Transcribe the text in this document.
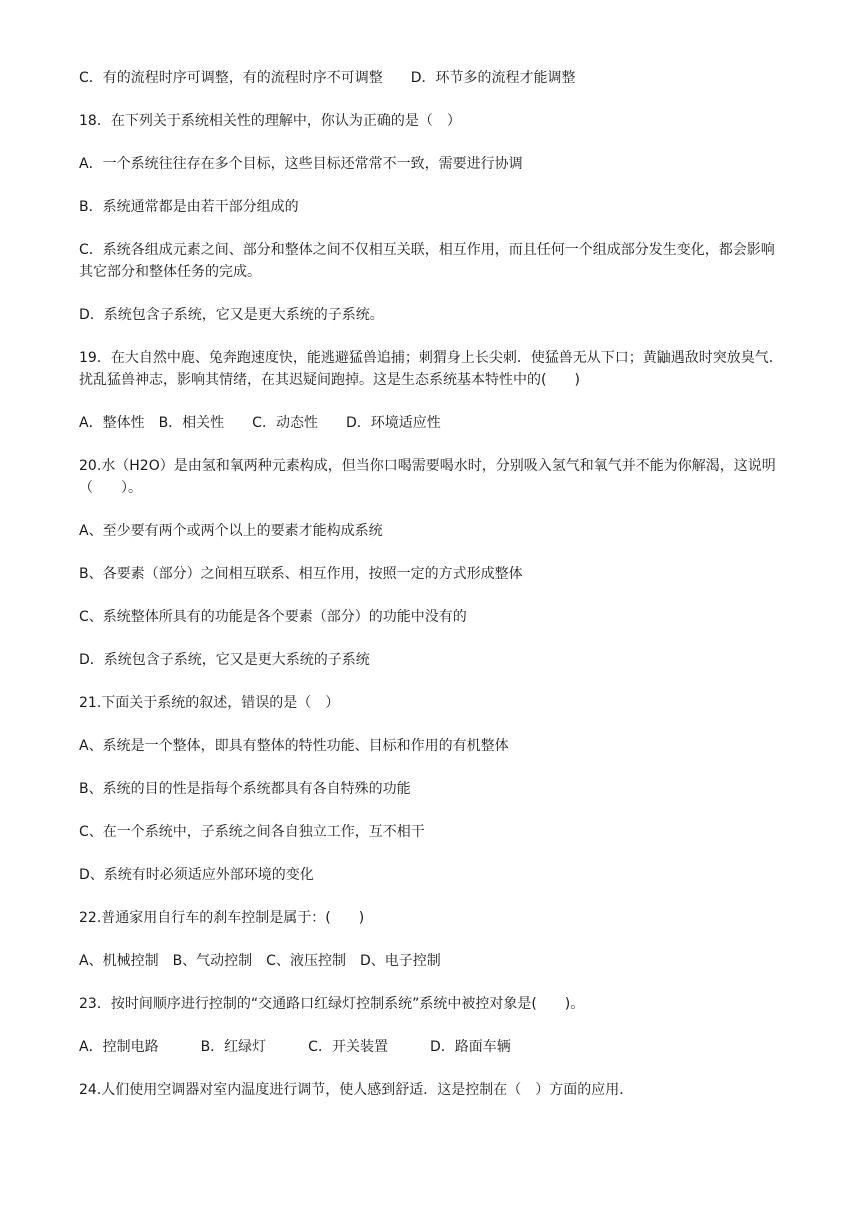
C．有的流程时序可调整，有的流程时序不可调整　　D．环节多的流程才能调整

18．在下列关于系统相关性的理解中，你认为正确的是（　）

A．一个系统往往存在多个目标，这些目标还常常不一致，需要进行协调

B．系统通常都是由若干部分组成的

C．系统各组成元素之间、部分和整体之间不仅相互关联，相互作用，而且任何一个组成部分发生变化，都会影响其它部分和整体任务的完成。

D．系统包含子系统，它又是更大系统的子系统。

19．在大自然中鹿、兔奔跑速度快，能逃避猛兽追捕；刺猬身上长尖刺．使猛兽无从下口；黄鼬遇敌时突放臭气．扰乱猛兽神志，影响其情绪，在其迟疑间跑掉。这是生态系统基本特性中的(　　)

A．整体性　B．相关性　　C．动态性　　D．环境适应性

20.水（H2O）是由氢和氧两种元素构成，但当你口喝需要喝水时，分别吸入氢气和氧气并不能为你解渴，这说明（　　）。

A、至少要有两个或两个以上的要素才能构成系统

B、各要素（部分）之间相互联系、相互作用，按照一定的方式形成整体

C、系统整体所具有的功能是各个要素（部分）的功能中没有的

D．系统包含子系统，它又是更大系统的子系统

21.下面关于系统的叙述，错误的是（　）

A、系统是一个整体，即具有整体的特性功能、目标和作用的有机整体

B、系统的目的性是指每个系统都具有各自特殊的功能

C、在一个系统中，子系统之间各自独立工作，互不相干

D、系统有时必须适应外部环境的变化

22.普通家用自行车的刹车控制是属于：(　　)

A、机械控制　B、气动控制　C、液压控制　D、电子控制

23．按时间顺序进行控制的“交通路口红绿灯控制系统”系统中被控对象是(　　)。

A．控制电路　　　B．红绿灯　　　C．开关装置　　　D．路面车辆

24.人们使用空调器对室内温度进行调节，使人感到舒适．这是控制在（　）方面的应用．
